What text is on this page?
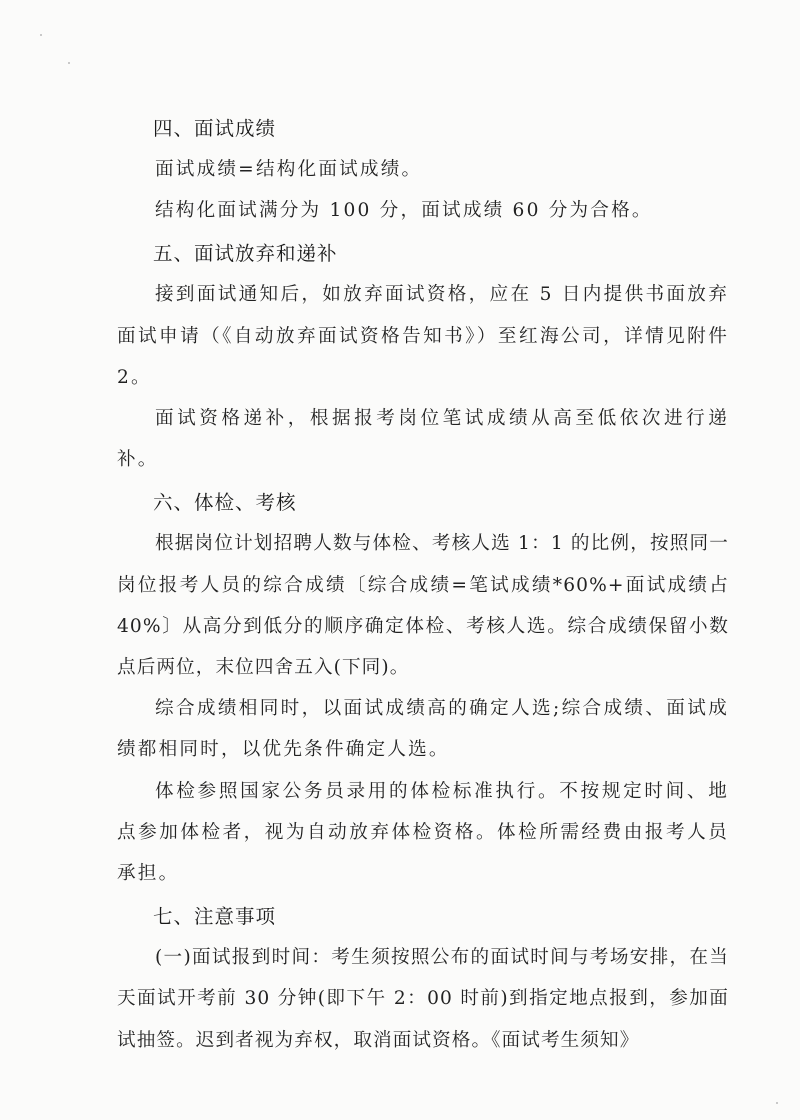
四、面试成绩

面试成绩=结构化面试成绩。

结构化面试满分为 100 分，面试成绩 60 分为合格。

五、面试放弃和递补

接到面试通知后，如放弃面试资格，应在 5 日内提供书面放弃面试申请（《自动放弃面试资格告知书》）至红海公司，详情见附件 2。

面试资格递补，根据报考岗位笔试成绩从高至低依次进行递补。

六、体检、考核

根据岗位计划招聘人数与体检、考核人选 1：1 的比例，按照同一岗位报考人员的综合成绩〔综合成绩=笔试成绩*60%+面试成绩占 40%〕从高分到低分的顺序确定体检、考核人选。综合成绩保留小数点后两位，末位四舍五入(下同)。

综合成绩相同时，以面试成绩高的确定人选;综合成绩、面试成绩都相同时，以优先条件确定人选。

体检参照国家公务员录用的体检标准执行。不按规定时间、地点参加体检者，视为自动放弃体检资格。体检所需经费由报考人员承担。

七、注意事项

(一)面试报到时间：考生须按照公布的面试时间与考场安排，在当天面试开考前 30 分钟(即下午 2：00 时前)到指定地点报到，参加面试抽签。迟到者视为弃权，取消面试资格。《面试考生须知》
